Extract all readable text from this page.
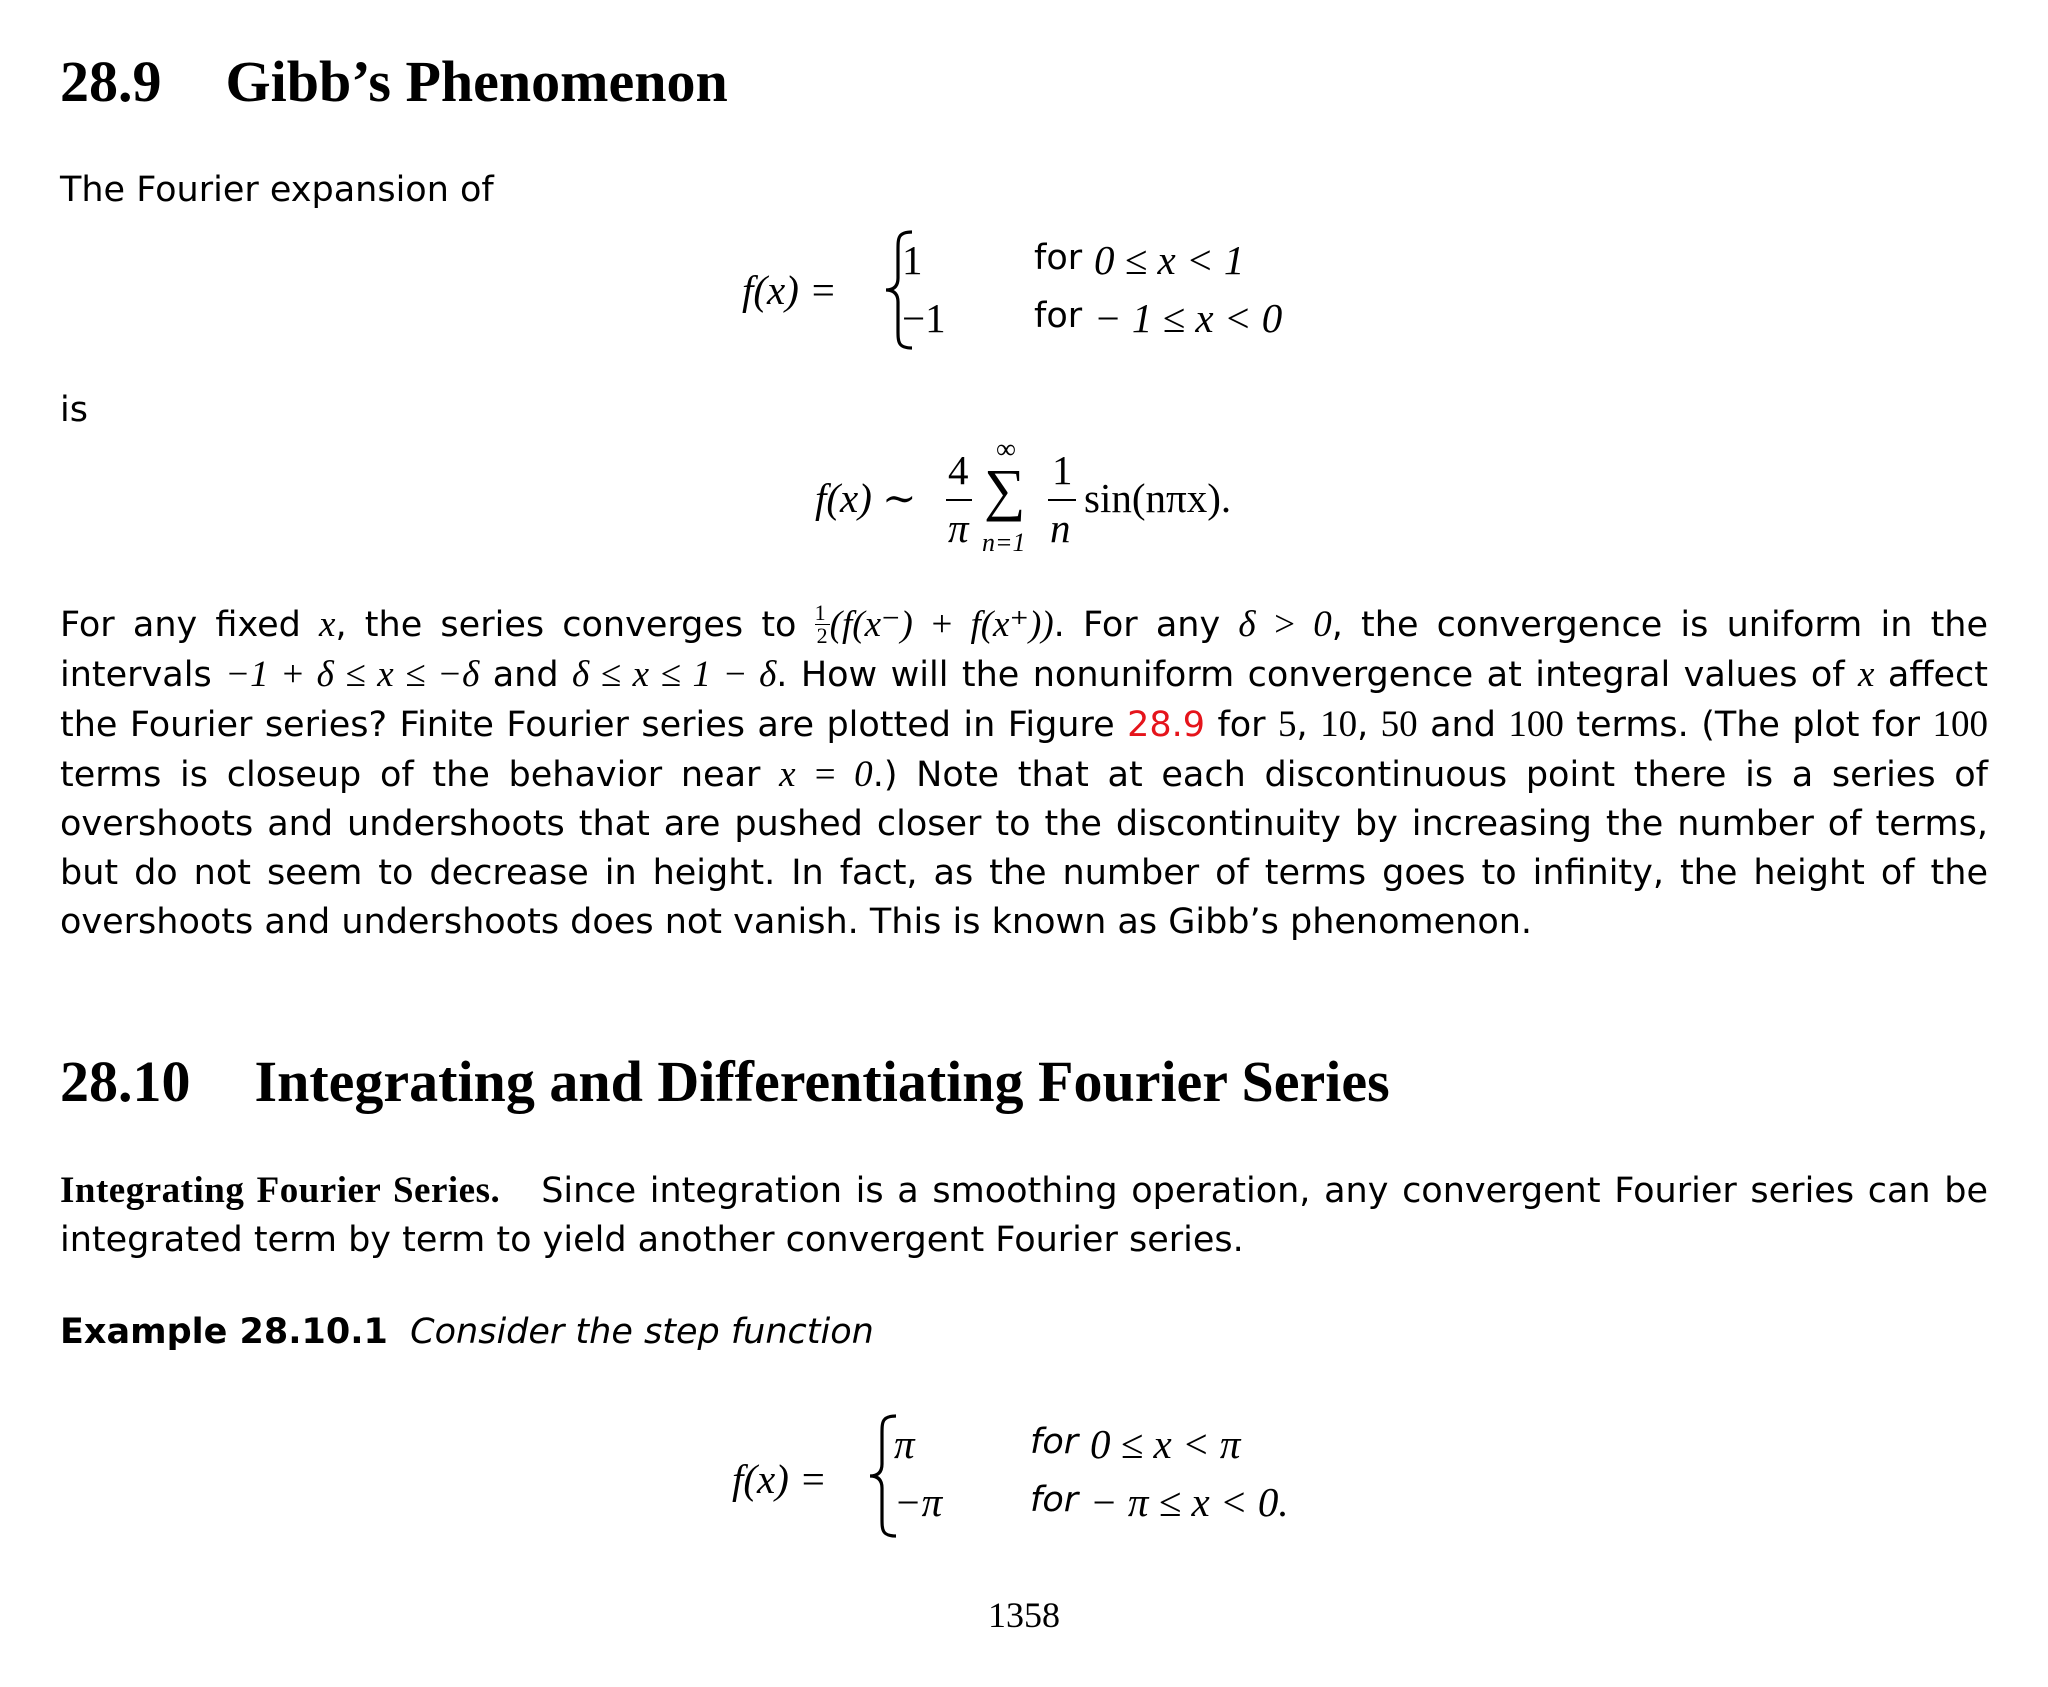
28.9 Gibb’s Phenomenon

The Fourier expansion of

f(x) =
1
−1
for 0 ≤ x < 1
for − 1 ≤ x < 0

is

f(x) ∼
4
π
∞
∑
n=1
1
n
sin(nπx).

For any fixed x, the series converges to $\frac{1}{2} (f(x^-) + f(x^+))$. For any δ > 0, the convergence is uniform in the intervals −1 + δ ≤ x ≤ −δ and δ ≤ x ≤ 1 − δ. How will the nonuniform convergence at integral values of x affect the Fourier series? Finite Fourier series are plotted in Figure 28.9 for 5, 10, 50 and 100 terms. (The plot for 100 terms is closeup of the behavior near x = 0.) Note that at each discontinuous point there is a series of overshoots and undershoots that are pushed closer to the discontinuity by increasing the number of terms, but do not seem to decrease in height. In fact, as the number of terms goes to infinity, the height of the overshoots and undershoots does not vanish. This is known as Gibb’s phenomenon.

28.10 Integrating and Differentiating Fourier Series

Integrating Fourier Series. Since integration is a smoothing operation, any convergent Fourier series can be integrated term by term to yield another convergent Fourier series.

Example 28.10.1 Consider the step function

f(x) =
π
−π
for 0 ≤ x < π
for − π ≤ x < 0.
1358
